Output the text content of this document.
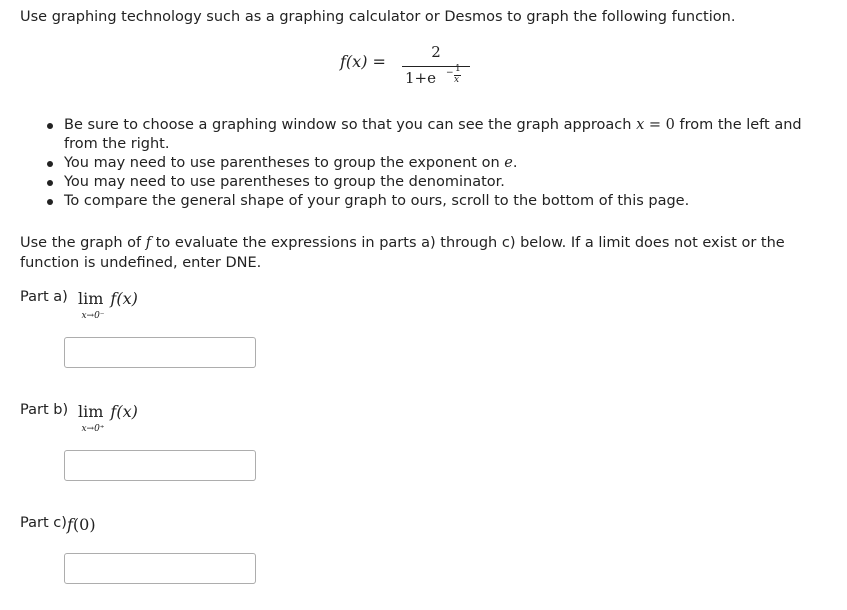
Use graphing technology such as a graphing calculator or Desmos to graph the following function.
f(x) =	2
1+e − 1
x
Be sure to choose a graphing window so that you can see the graph approach x = 0 from the left and from the right.
You may need to use parentheses to group the exponent on e.
You may need to use parentheses to group the denominator.
To compare the general shape of your graph to ours, scroll to the bottom of this page.
Use the graph of f to evaluate the expressions in parts a) through c) below. If a limit does not exist or the function is undefined, enter DNE.
Part a) lim f(x)
x→0⁻
Part b) lim f(x)
x→0⁺
Part c) f(0)
